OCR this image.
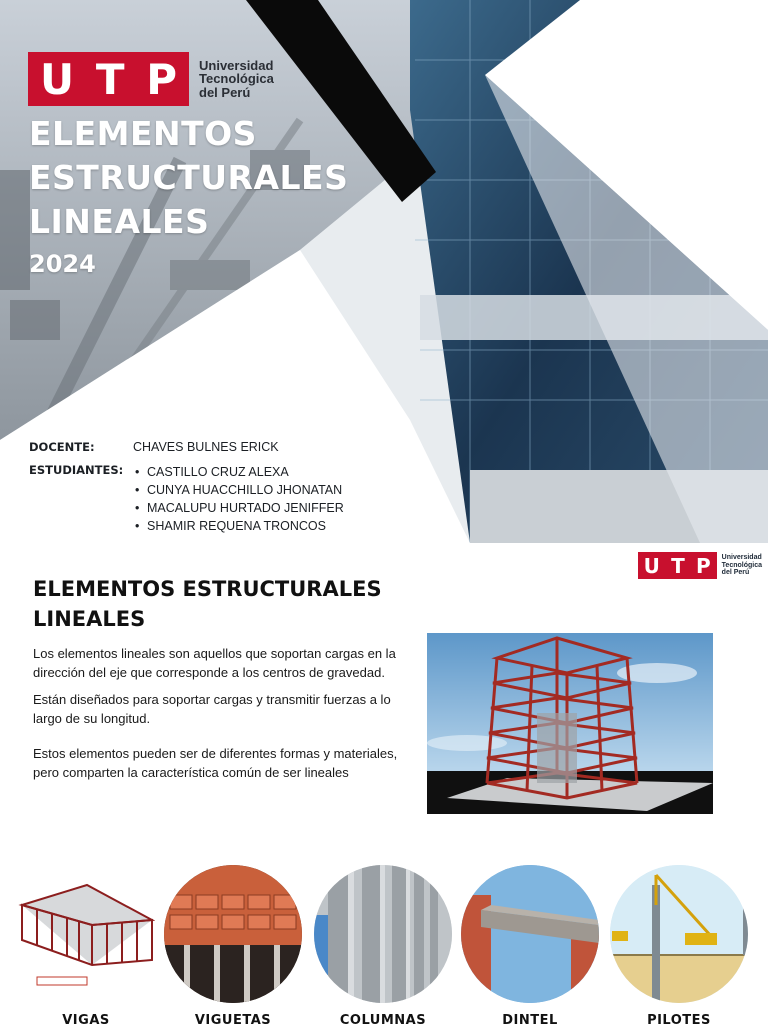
U T P Universidad
Tecnológica
del Perú
ELEMENTOS
ESTRUCTURALES
LINEALES
2024
DOCENTE:	CHAVES BULNES ERICK
ESTUDIANTES:
•	CASTILLO CRUZ ALEXA
• CUNYA HUACCHILLO JHONATAN
• MACALUPU HURTADO JENIFFER
• SHAMIR REQUENA TRONCOS
U T P Universidad
Tecnológica
del Perú
ELEMENTOS ESTRUCTURALES LINEALES

Los elementos lineales son aquellos que soportan cargas en la dirección del eje que corresponde a los centros de gravedad.

Están diseñados para soportar cargas y transmitir fuerzas a lo largo de su longitud.

Estos elementos pueden ser de diferentes formas y materiales, pero comparten la característica común de ser lineales

VIGAS	VIGUETAS	COLUMNAS	DINTEL	PILOTES
